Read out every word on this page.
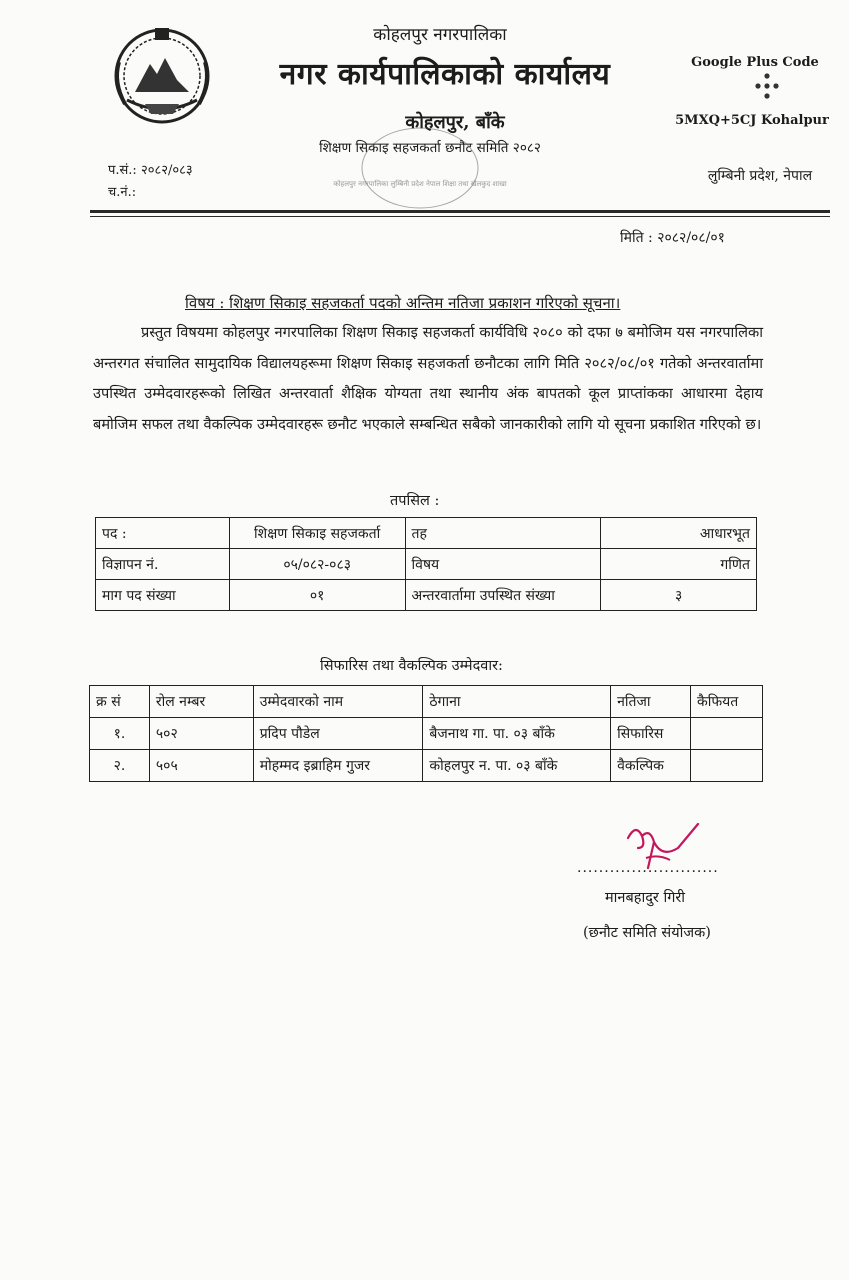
कोहलपुर नगरपालिका
नगर कार्यपालिकाको कार्यालय
कोहलपुर, बाँके
शिक्षण सिकाइ सहजकर्ता छनौट समिति २०८२
कोहलपुर नगरपालिका लुम्बिनी प्रदेश नेपाल शिक्षा तथा खेलकुद शाखा
Google Plus Code
5MXQ+5CJ Kohalpur
लुम्बिनी प्रदेश, नेपाल
प.सं.: २०८२/०८३
च.नं.:
मिति : २०८२/०८/०१
विषय : शिक्षण सिकाइ सहजकर्ता पदको अन्तिम नतिजा प्रकाशन गरिएको सूचना।
प्रस्तुत विषयमा कोहलपुर नगरपालिका शिक्षण सिकाइ सहजकर्ता कार्यविधि २०८० को दफा ७ बमोजिम यस नगरपालिका अन्तरगत संचालित सामुदायिक विद्यालयहरूमा शिक्षण सिकाइ सहजकर्ता छनौटका लागि मिति २०८२/०८/०१ गतेको अन्तरवार्तामा उपस्थित उम्मेदवारहरूको लिखित अन्तरवार्ता शैक्षिक योग्यता तथा स्थानीय अंक बापतको कूल प्राप्तांकका आधारमा देहाय बमोजिम सफल तथा वैकल्पिक उम्मेदवारहरू छनौट भएकाले सम्बन्धित सबैको जानकारीको लागि यो सूचना प्रकाशित गरिएको छ।
तपसिल :
पद :	शिक्षण सिकाइ सहजकर्ता	तह	आधारभूत
विज्ञापन नं.	०५/०८२-०८३	विषय	गणित
माग पद संख्या	०१	अन्तरवार्तामा उपस्थित संख्या	३
सिफारिस तथा वैकल्पिक उम्मेदवार:
क्र सं	रोल नम्बर	उम्मेदवारको नाम	ठेगाना	नतिजा	कैफियत
१.	५०२	प्रदिप पौडेल	बैजनाथ गा. पा. ०३ बाँके	सिफारिस	
२.	५०५	मोहम्मद इब्राहिम गुजर	कोहलपुर न. पा. ०३ बाँके	वैकल्पिक	
..........................
मानबहादुर गिरी
(छनौट समिति संयोजक)
